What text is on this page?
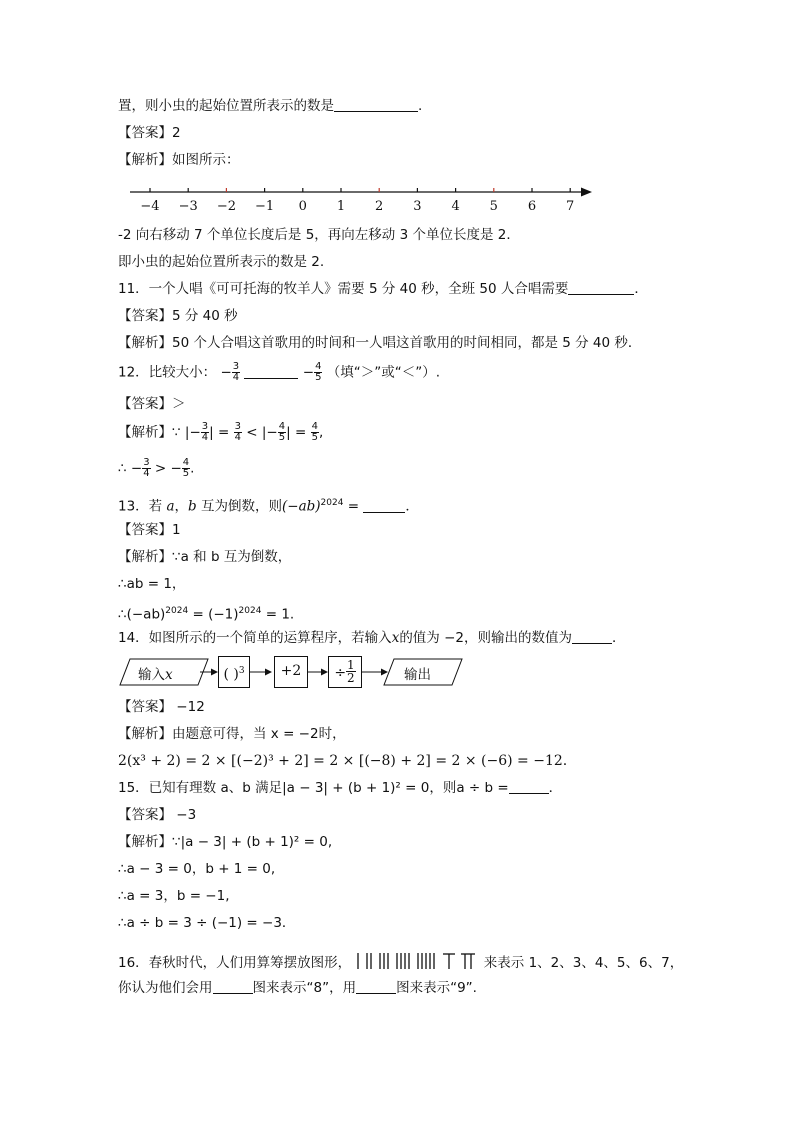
置，则小虫的起始位置所表示的数是	.
【答案】2
【解析】如图所示：
−4 −3 −2 −1 0 1 2 3 4 5 6 7
-2 向右移动 7 个单位长度后是 5，再向左移动 3 个单位长度是 2．
即小虫的起始位置所表示的数是 2.
11．一个人唱《可可托海的牧羊人》需要 5 分 40 秒，全班 50 人合唱需要	．
【答案】5 分 40 秒
【解析】50 个人合唱这首歌用的时间和一人唱这首歌用的时间相同，都是 5 分 40 秒．
12．比较大小： − $\frac{3}{4}$	− $\frac{4}{5}$ （填“＞”或“＜”）.
【答案】＞
【解析】∵ |− $\frac{3}{4}$ | = $\frac{3}{4}$ < |− $\frac{4}{5}$ | = $\frac{4}{5}$ ,
∴ − $\frac{3}{4}$ > − $\frac{4}{5}$ .
13．若 a，b 互为倒数，则$(-ab)^{2024}$ =	．
【答案】1
【解析】∵a 和 b 互为倒数，
∴ab = 1，
$\therefore(-ab)^{2024} = (-1)^{2024} = 1$.
14．如图所示的一个简单的运算程序，若输入x的值为 −2，则输出的数值为	．
输入x	( )$^3$	+2	÷ $\frac{1}{2}$	输出
【答案】 −12
【解析】由题意可得，当 x = −2时，
2(x³ + 2) = 2 × [(−2)³ + 2] = 2 × [(−8) + 2] = 2 × (−6) = −12.
15．已知有理数 a、b 满足|a − 3| + (b + 1)² = 0，则a ÷ b =	．
【答案】 −3
【解析】∵|a − 3| + (b + 1)² = 0,
∴a − 3 = 0，b + 1 = 0,
∴a = 3，b = −1,
∴a ÷ b = 3 ÷ (−1) = −3．
16．春秋时代，人们用算筹摆放图形，	来表示 1、2、3、4、5、6、7，
你认为他们会用	图来表示“8”，用	图来表示“9”.
